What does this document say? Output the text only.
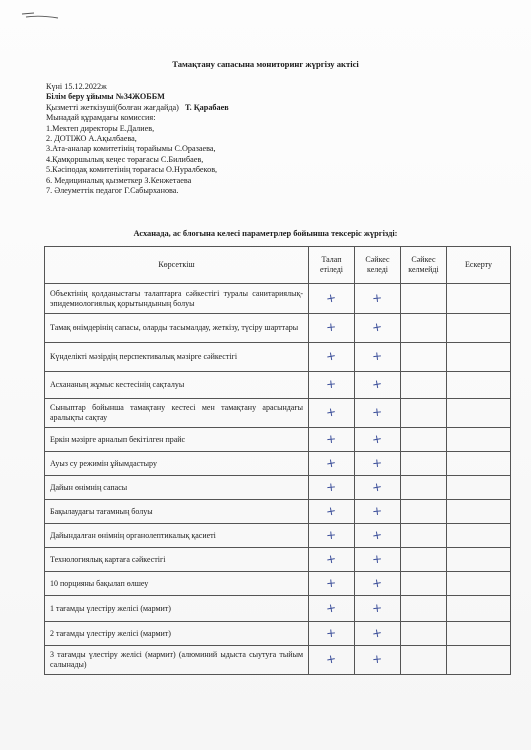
Тамақтану сапасына мониторинг жүргізу актісі
Күні 15.12.2022ж
Білім беру ұйымы №34ЖОББМ
Қызметті жеткізуші(болған жағдайда) Т. Қарабаев
Мынадай құрамдағы комиссия:
1.Мектеп директоры Е.Далиев,
2. ДОТІЖО А.Ақылбаева,
3.Ата-аналар комитетінің төрайымы С.Оразаева,
4.Қамқоршылық кеңес төрағасы С.Билибаев,
5.Кәсіподақ комитетінің төрағасы О.Нуралбеков,
6. Медициналық қызметкер З.Кенжетаева
7. Әлеуметтік педагог Г.Сабырханова.
Асханада, ас блогына келесі параметрлер бойынша тексеріс жүргізді:
Көрсеткіш	Талап етіледі	Сәйкес келеді	Сәйкес келмейді	Ескерту
Объектінің қолданыстағы талаптарға сәйкестігі туралы санитариялық-эпидемиологиялық қорытындының болуы	+	+		
Тамақ өнімдерінің сапасы, оларды тасымалдау, жеткізу, түсіру шарттары	+	+		
Күнделікті мәзірдің перспективалық мәзірге сәйкестігі	+	+		
Асхананың жұмыс кестесінің сақталуы	+	+		
Сыныптар бойынша тамақтану кестесі мен тамақтану арасындағы аралықты сақтау	+	+		
Еркін мәзірге арналып бекітілген прайс	+	+		
Ауыз су режимін ұйымдастыру	+	+		
Дайын өнімнің сапасы	+	+		
Бақылаудағы тағамның болуы	+	+		
Дайындалған өнімнің органолептикалық қасиеті	+	+		
Технологиялық картаға сәйкестігі	+	+		
10 порцияны бақылап өлшеу	+	+		
1 тағамды үлестіру желісі (мармит)	+	+		
2 тағамды үлестіру желісі (мармит)	+	+		
3 тағамды үлестіру желісі (мармит) (алюминий ыдыста сыутуға тыйым салынады)	+	+		
